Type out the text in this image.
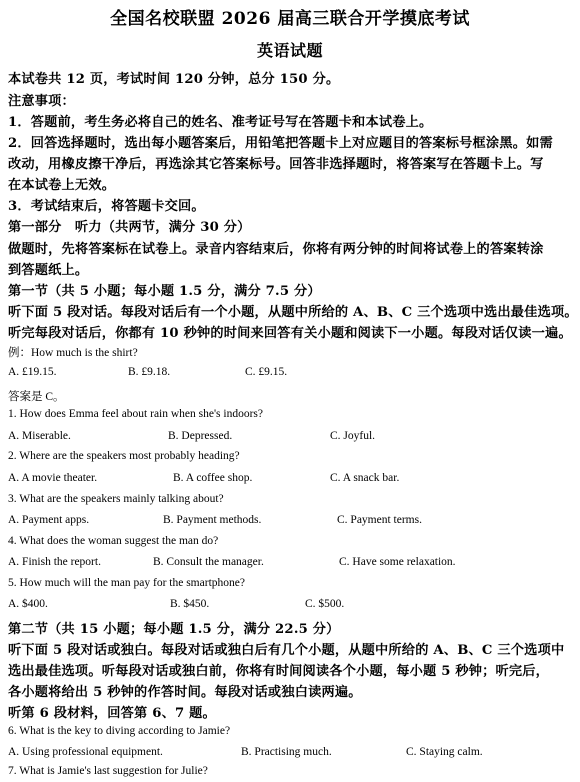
全国名校联盟 2026 届高三联合开学摸底考试
英语试题
本试卷共 12 页，考试时间 120 分钟，总分 150 分。
注意事项：
1．答题前，考生务必将自己的姓名、准考证号写在答题卡和本试卷上。
2．回答选择题时，选出每小题答案后，用铅笔把答题卡上对应题目的答案标号框涂黑。如需
改动，用橡皮擦干净后，再选涂其它答案标号。回答非选择题时，将答案写在答题卡上。写
在本试卷上无效。
3．考试结束后，将答题卡交回。
第一部分　听力（共两节，满分 30 分）
做题时，先将答案标在试卷上。录音内容结束后，你将有两分钟的时间将试卷上的答案转涂
到答题纸上。
第一节（共 5 小题；每小题 1.5 分，满分 7.5 分）
听下面 5 段对话。每段对话后有一个小题，从题中所给的 A、B、C 三个选项中选出最佳选项。
听完每段对话后，你都有 10 秒钟的时间来回答有关小题和阅读下一小题。每段对话仅读一遍。
例：How much is the shirt?
A. £19.15.	B. £9.18.	C. £9.15.
答案是 C。
1. How does Emma feel about rain when she's indoors?
A. Miserable.	B. Depressed.	C. Joyful.
2. Where are the speakers most probably heading?
A. A movie theater.	B. A coffee shop.	C. A snack bar.
3. What are the speakers mainly talking about?
A. Payment apps.	B. Payment methods.	C. Payment terms.
4. What does the woman suggest the man do?
A. Finish the report.	B. Consult the manager.	C. Have some relaxation.
5. How much will the man pay for the smartphone?
A. $400.	B. $450.	C. $500.
第二节（共 15 小题；每小题 1.5 分，满分 22.5 分）
听下面 5 段对话或独白。每段对话或独白后有几个小题，从题中所给的 A、B、C 三个选项中
选出最佳选项。听每段对话或独白前，你将有时间阅读各个小题，每小题 5 秒钟；听完后，
各小题将给出 5 秒钟的作答时间。每段对话或独白读两遍。
听第 6 段材料，回答第 6、7 题。
6. What is the key to diving according to Jamie?
A. Using professional equipment.	B. Practising much.	C. Staying calm.
7. What is Jamie's last suggestion for Julie?
